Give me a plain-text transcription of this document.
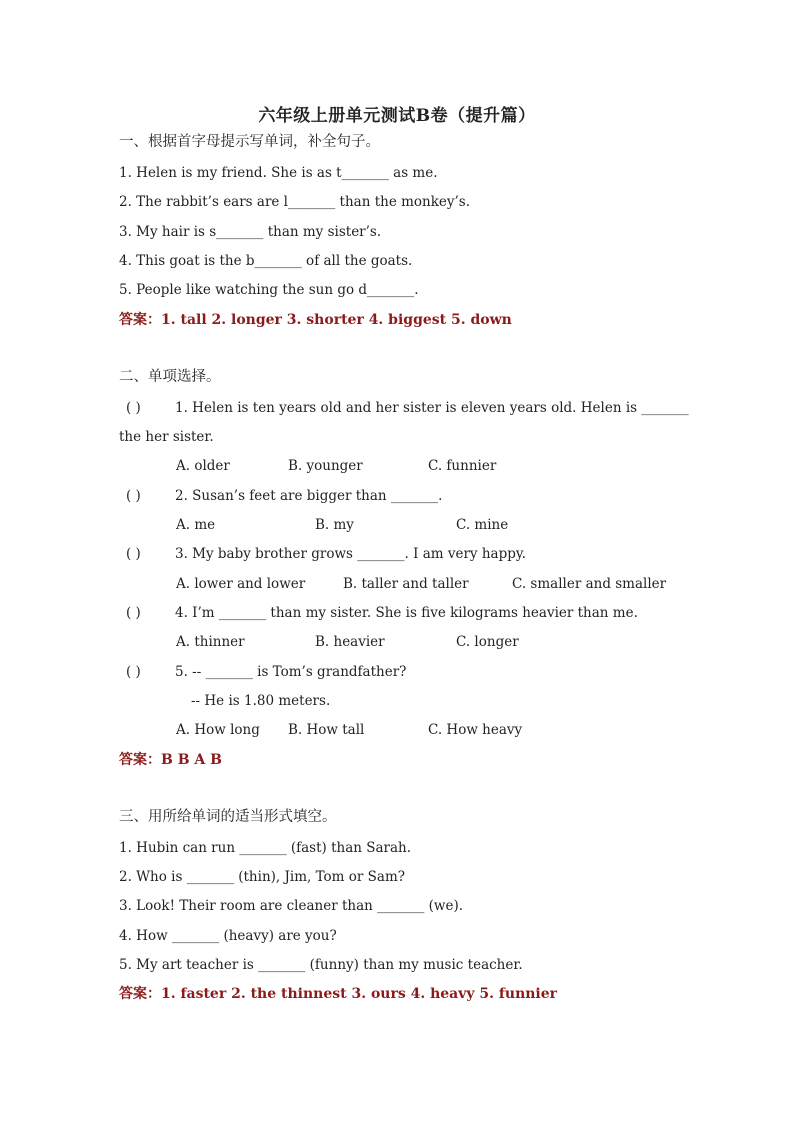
六年级上册单元测试B卷（提升篇）
一、根据首字母提示写单词，补全句子。
1. Helen is my friend. She is as t_______ as me.
2. The rabbit’s ears are l_______ than the monkey’s.
3. My hair is s_______ than my sister’s.
4. This goat is the b_______ of all the goats.
5. People like watching the sun go d_______.
答案：1. tall 2. longer 3. shorter 4. biggest 5. down
二、单项选择。
( )	1. Helen is ten years old and her sister is eleven years old. Helen is _______
the her sister.
A. older	B. younger	C. funnier
( )	2. Susan’s feet are bigger than _______.
A. me	B. my	C. mine
( )	3. My baby brother grows _______. I am very happy.
A. lower and lower	B. taller and taller	C. smaller and smaller
( )	4. I’m _______ than my sister. She is five kilograms heavier than me.
A. thinner	B. heavier	C. longer
( )	5. -- _______ is Tom’s grandfather?
-- He is 1.80 meters.
A. How long B. How tall	C. How heavy
答案：B B A B
三、用所给单词的适当形式填空。
1. Hubin can run _______ (fast) than Sarah.
2. Who is _______ (thin), Jim, Tom or Sam?
3. Look! Their room are cleaner than _______ (we).
4. How _______ (heavy) are you?
5. My art teacher is _______ (funny) than my music teacher.
答案：1. faster 2. the thinnest 3. ours 4. heavy 5. funnier
